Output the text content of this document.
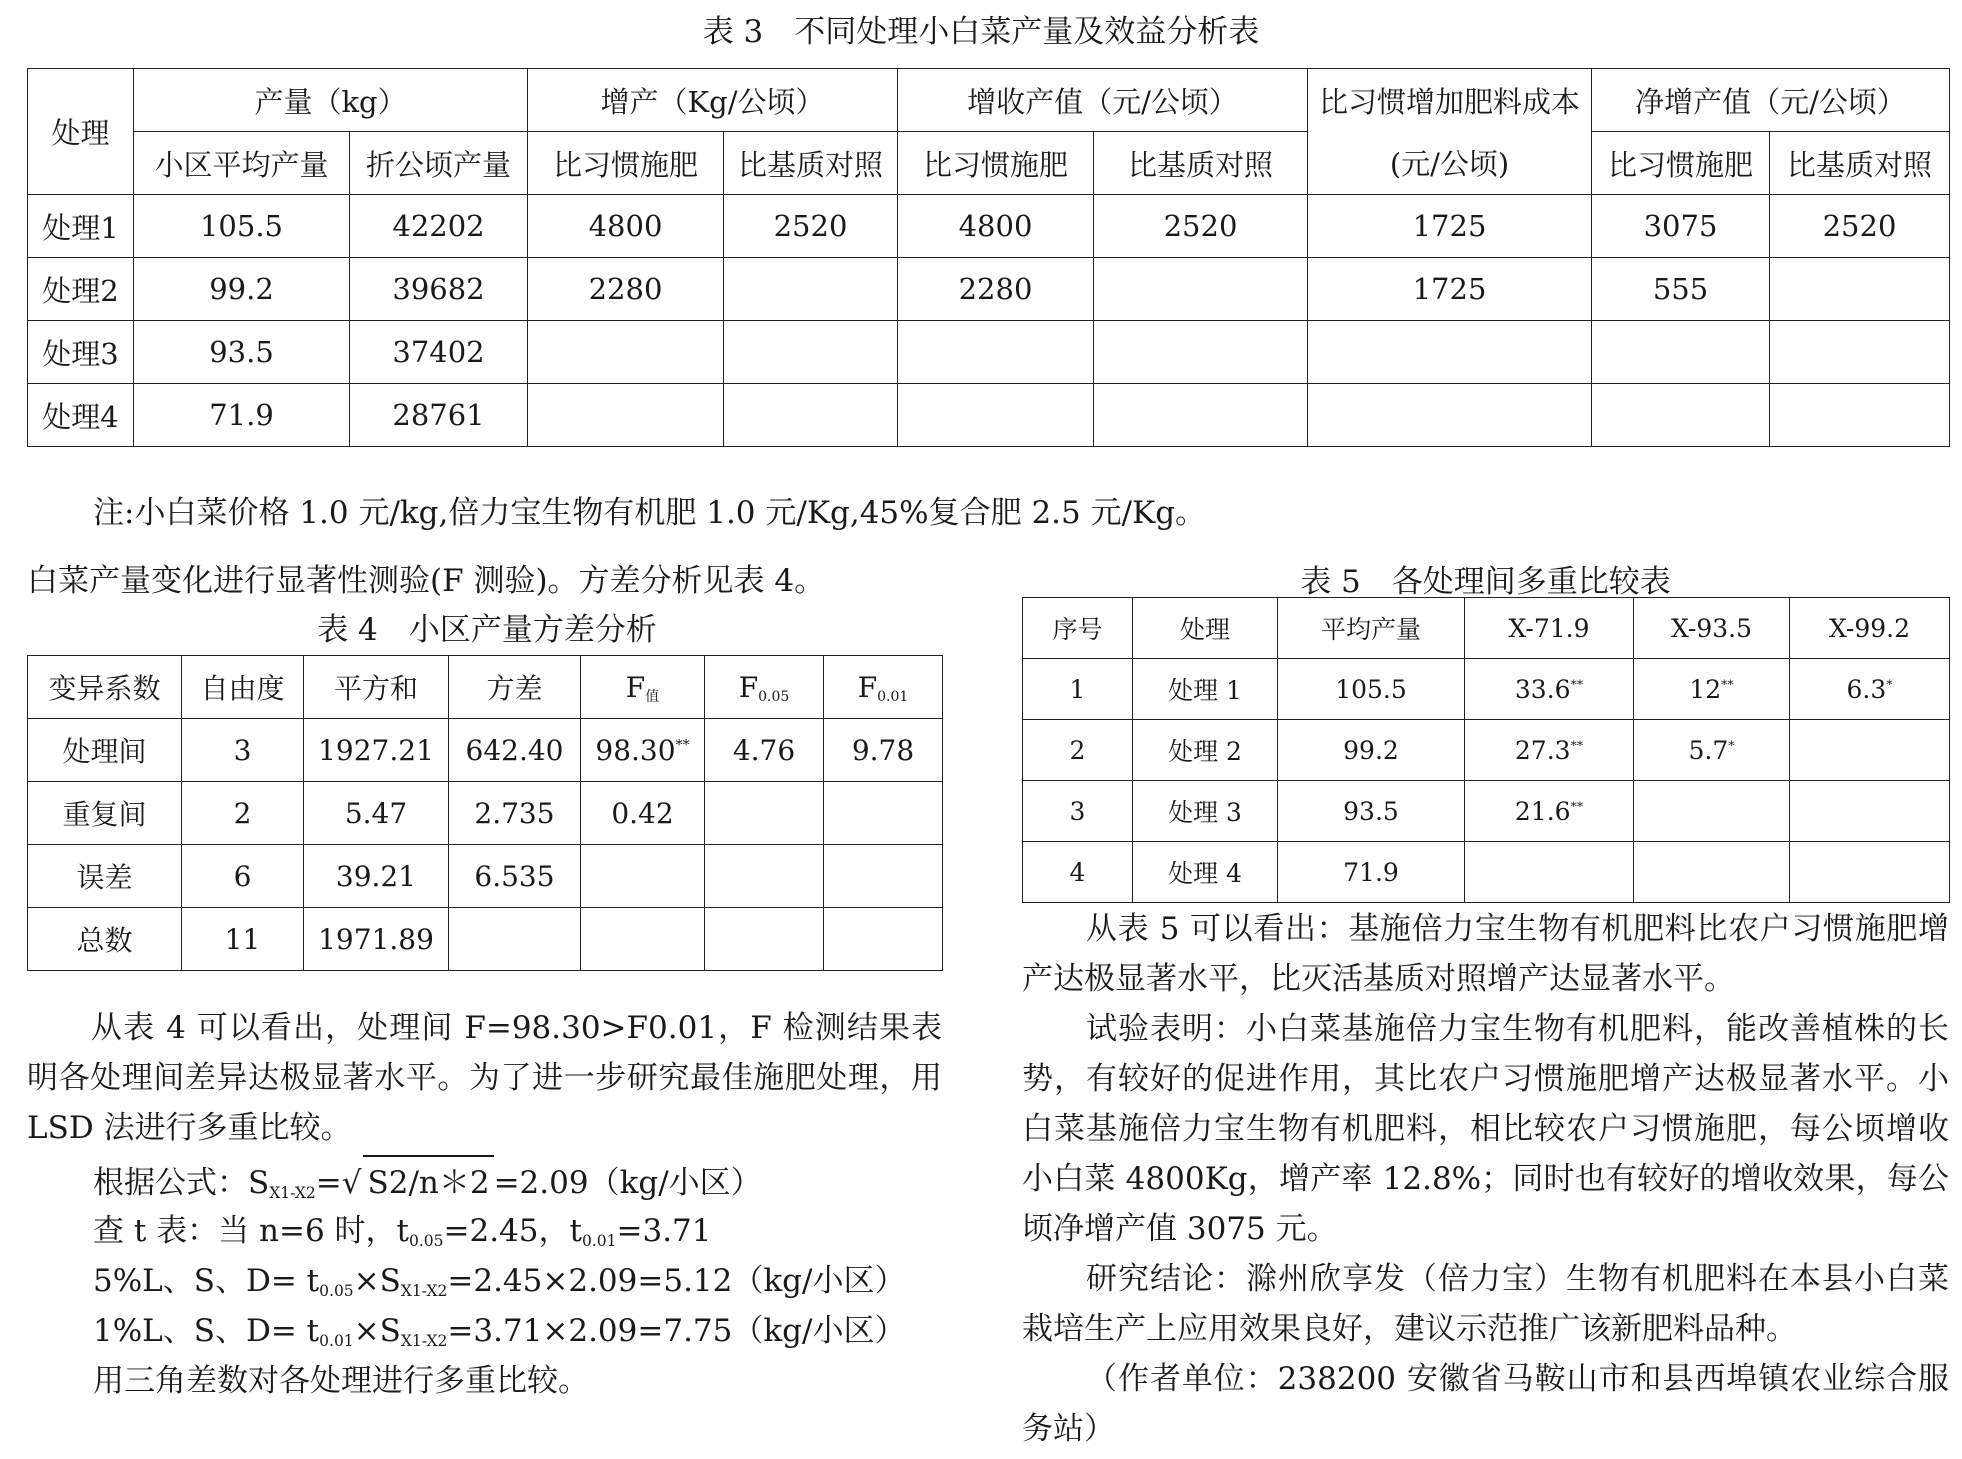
表 3　不同处理小白菜产量及效益分析表
处理	产量（kg）		增产（Kg/公顷）		增收产值（元/公顷）		比习惯增加肥料成本	净增产值（元/公顷）	
	小区平均产量	折公顷产量	比习惯施肥	比基质对照	比习惯施肥	比基质对照	(元/公顷)	比习惯施肥	比基质对照
处理1	105.5	42202	4800	2520	4800	2520	1725	3075	2520
处理2	99.2	39682	2280		2280		1725	555	
处理3	93.5	37402							
处理4	71.9	28761							
注:小白菜价格 1.0 元/kg,倍力宝生物有机肥 1.0 元/Kg,45%复合肥 2.5 元/Kg。
白菜产量变化进行显著性测验(F 测验)。方差分析见表 4。
表 4　小区产量方差分析
变异系数	自由度	平方和	方差	$F_值$	$F_{0.05}$	$F_{0.01}$
处理间	3	1927.21	642.40	98.30**	4.76	9.78
重复间	2	5.47	2.735	0.42		
误差	6	39.21	6.535			
总数	11	1971.89				

从表 4 可以看出，处理间 F=98.30>F0.01，F 检测结果表明各处理间差异达极显著水平。为了进一步研究最佳施肥处理，用 LSD 法进行多重比较。

根据公式：$S_{X1-X2}=√$ S2/n＊2 =2.09（kg/小区）
查 t 表：当 n=6 时，$t_{0.05}=2.45$，$t_{0.01}=3.71$
5%L、S、$D= t_{0.05}\times S_{X1-X2}=2.45\times 2.09=5.12(kg/$小区）
1%L、S、$D= t_{0.01}\times S_{X1-X2}=3.71\times 2.09=7.75(kg/$小区）
用三角差数对各处理进行多重比较。
表 5　各处理间多重比较表
序号	处理	平均产量	X-71.9	X-93.5	X-99.2
1	处理 1	105.5	33.6**	12**	6.3*
2	处理 2	99.2	27.3**	5.7*	
3	处理 3	93.5	21.6**		
4	处理 4	71.9			

从表 5 可以看出：基施倍力宝生物有机肥料比农户习惯施肥增产达极显著水平，比灭活基质对照增产达显著水平。

试验表明：小白菜基施倍力宝生物有机肥料，能改善植株的长势，有较好的促进作用，其比农户习惯施肥增产达极显著水平。小白菜基施倍力宝生物有机肥料，相比较农户习惯施肥，每公顷增收小白菜 4800Kg，增产率 12.8%；同时也有较好的增收效果，每公顷净增产值 3075 元。

研究结论：滁州欣享发（倍力宝）生物有机肥料在本县小白菜栽培生产上应用效果良好，建议示范推广该新肥料品种。

（作者单位：238200 安徽省马鞍山市和县西埠镇农业综合服务站）
